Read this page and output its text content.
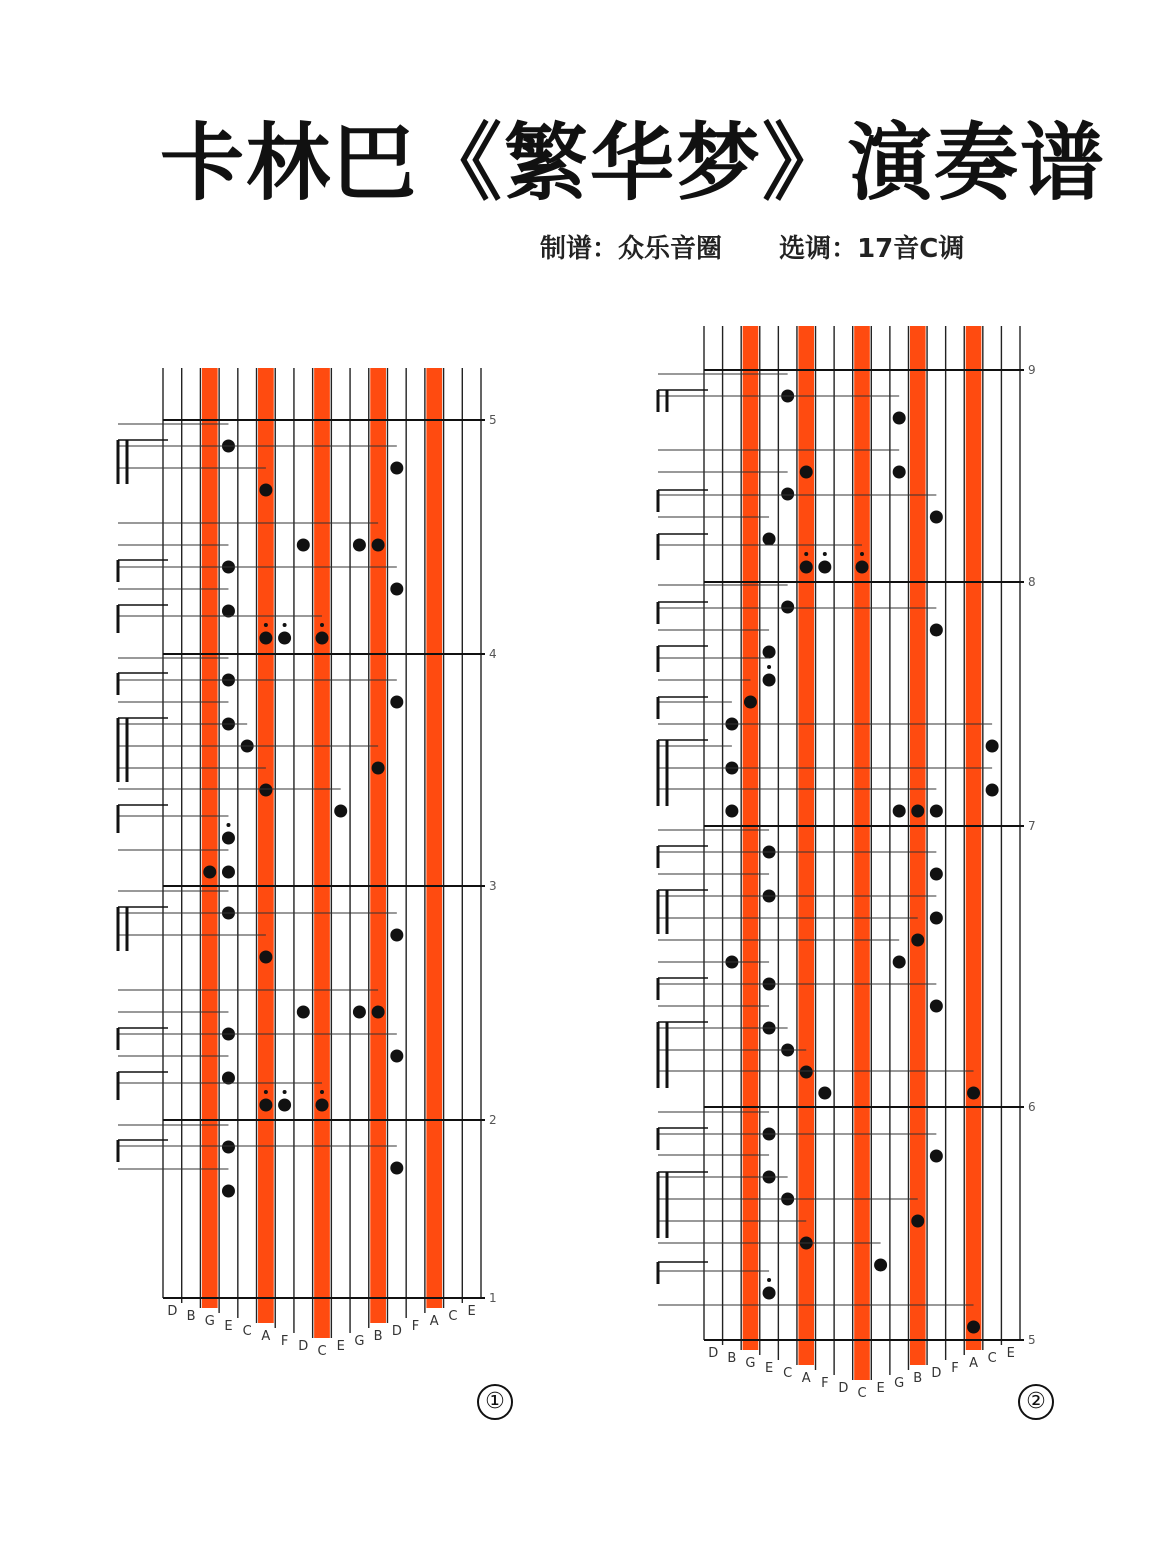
卡林巴《繁华梦》演奏谱
制谱：众乐音圈 选调：17音C调
D B G E C A F D C E G B D F A C E
5
4
3
2
1
D B G E C A F D C E G B D F A C E
9
8
7
6
5
①	②
